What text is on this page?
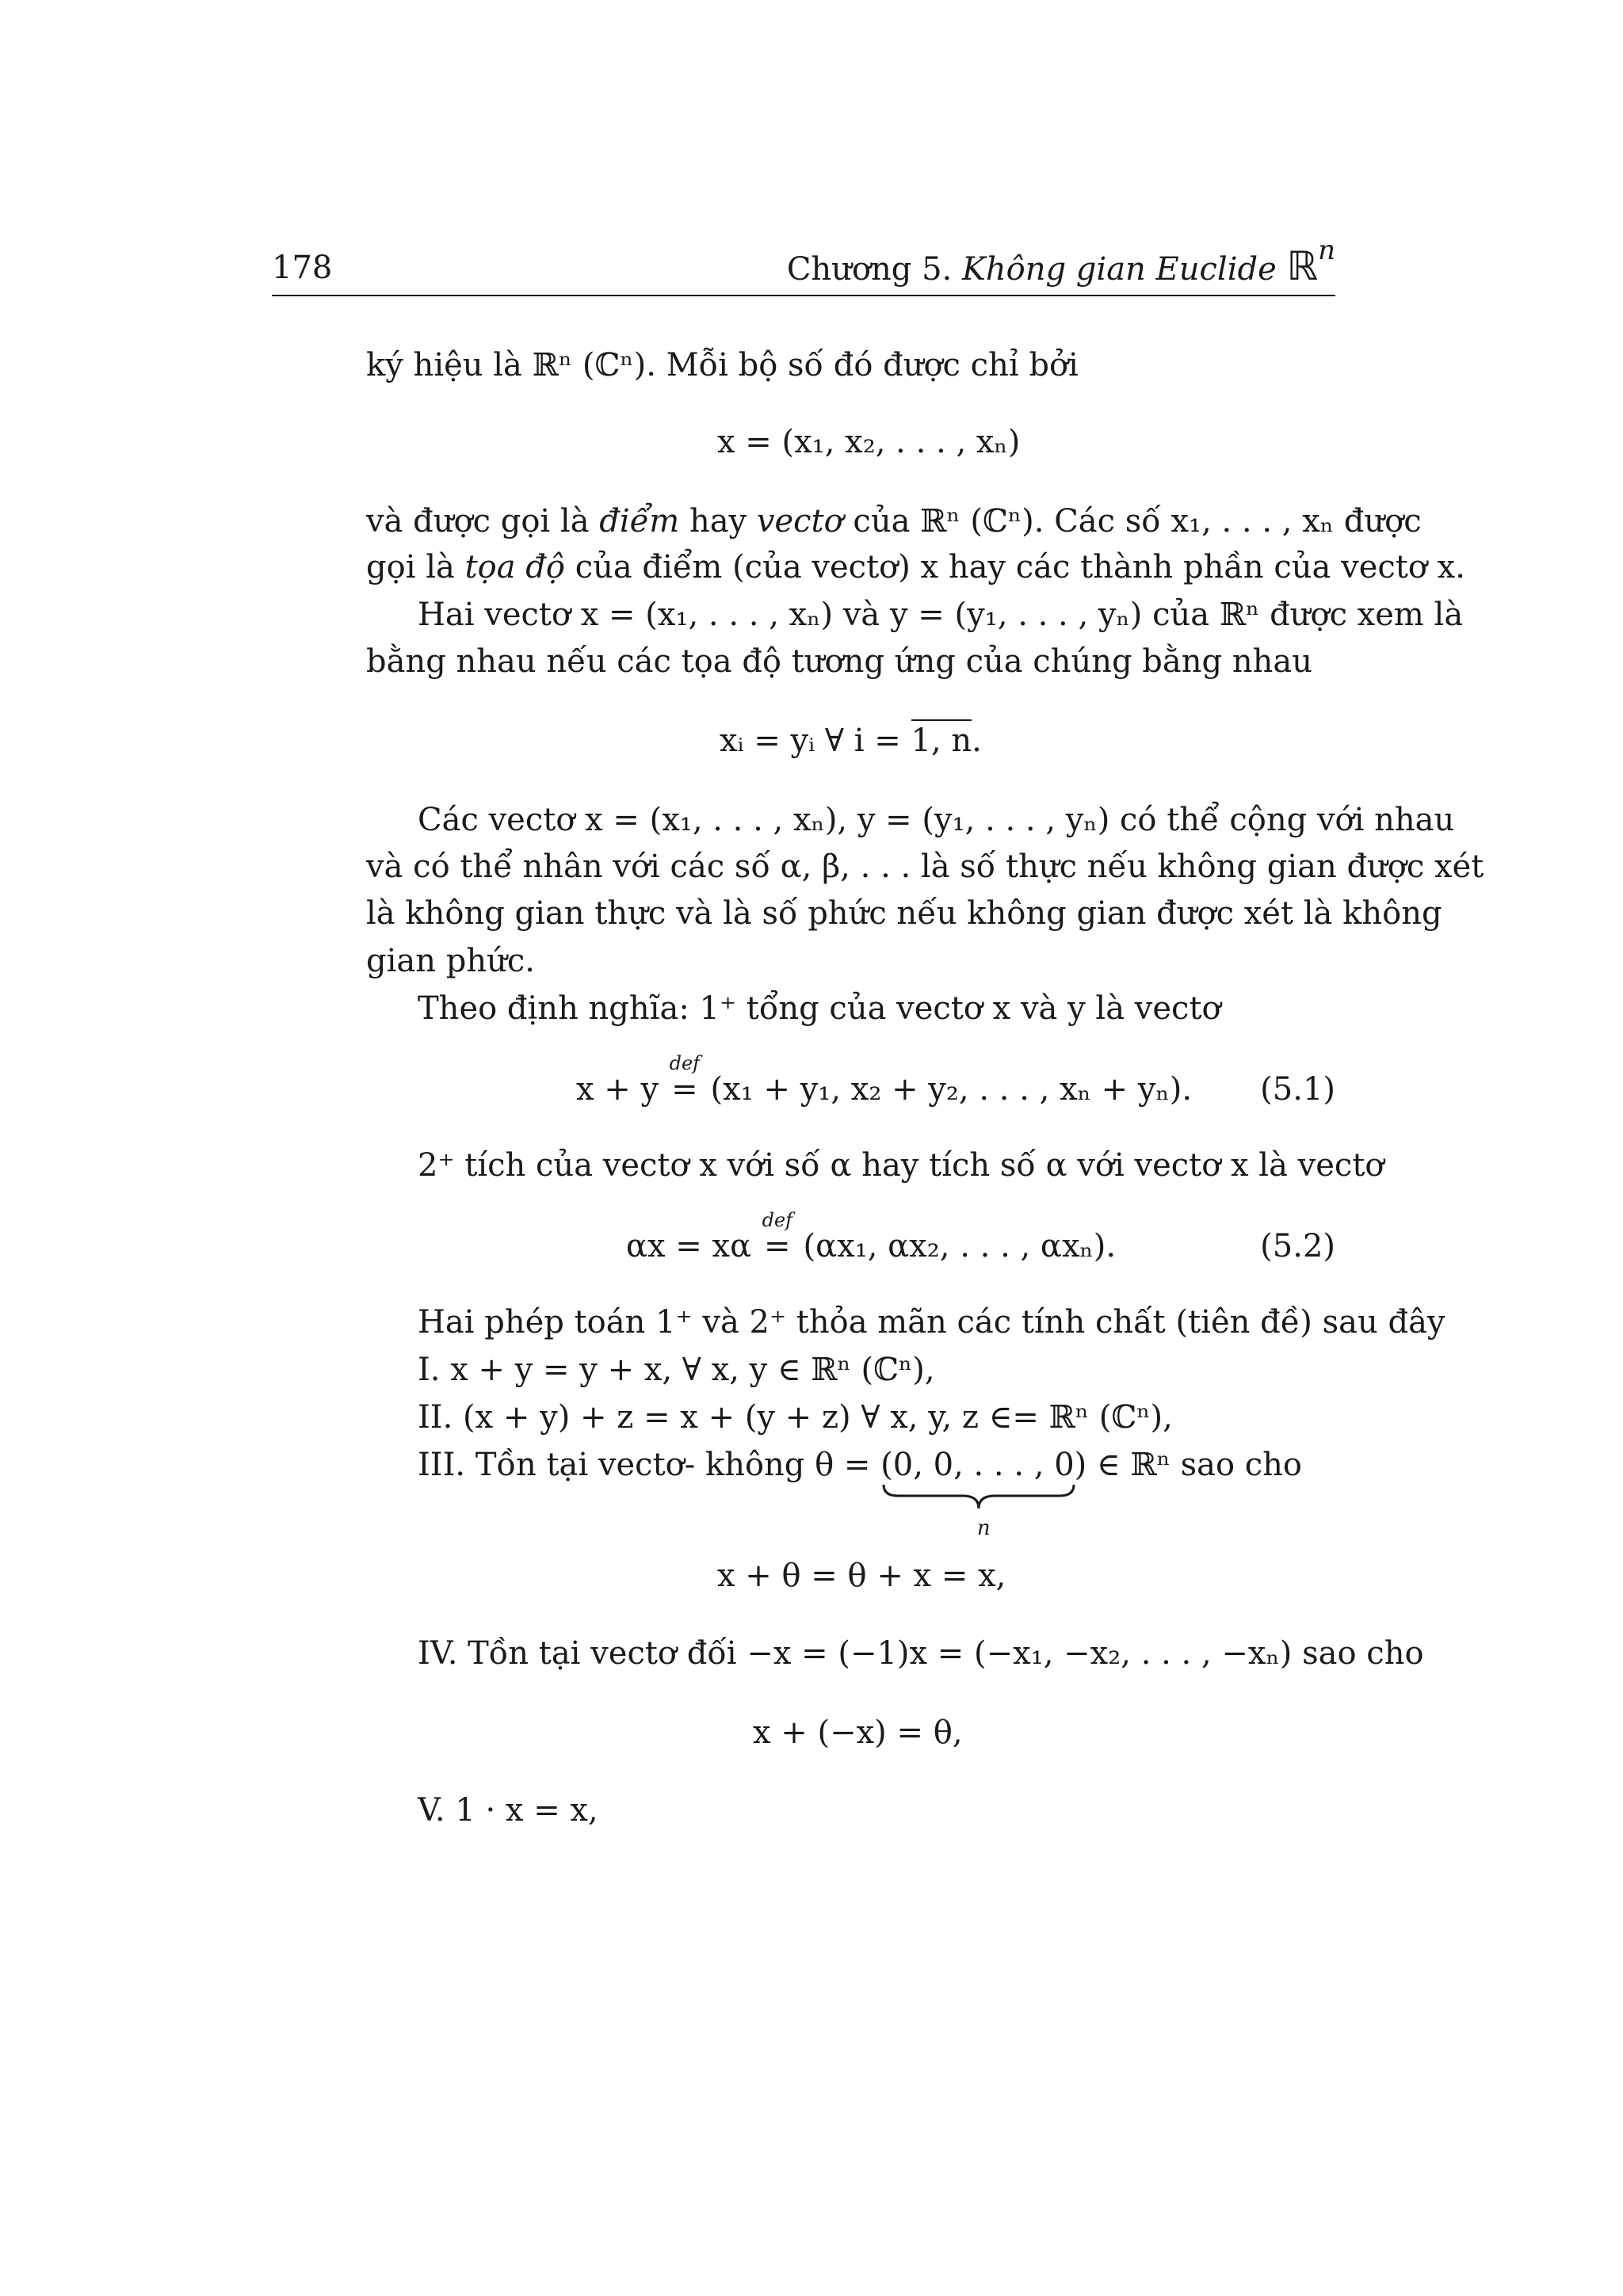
178	Chương 5. Không gian Euclide ℝ$^n$
ký hiệu là ℝⁿ (ℂⁿ). Mỗi bộ số đó được chỉ bởi
x = (x₁, x₂, . . . , xₙ)
và được gọi là điểm hay vectơ của ℝⁿ (ℂⁿ). Các số x₁, . . . , xₙ được
gọi là tọa độ của điểm (của vectơ) x hay các thành phần của vectơ x.
Hai vectơ x = (x₁, . . . , xₙ) và y = (y₁, . . . , yₙ) của ℝⁿ được xem là
bằng nhau nếu các tọa độ tương ứng của chúng bằng nhau
xᵢ = yᵢ ∀ i = 1, n.
Các vectơ x = (x₁, . . . , xₙ), y = (y₁, . . . , yₙ) có thể cộng với nhau
và có thể nhân với các số α, β, . . . là số thực nếu không gian được xét
là không gian thực và là số phức nếu không gian được xét là không
gian phức.
Theo định nghĩa: 1⁺ tổng của vectơ x và y là vectơ
x + y
def
= (x₁ + y₁, x₂ + y₂, . . . , xₙ + yₙ). (5.1)
2⁺ tích của vectơ x với số α hay tích số α với vectơ x là vectơ
αx = xα
def
= (αx₁, αx₂, . . . , αxₙ).	(5.2)
Hai phép toán 1⁺ và 2⁺ thỏa mãn các tính chất (tiên đề) sau đây
I. x + y = y + x, ∀ x, y ∈ ℝⁿ (ℂⁿ),
II. (x + y) + z = x + (y + z) ∀ x, y, z ∈= ℝⁿ (ℂⁿ),
III. Tồn tại vectơ- không θ = (0, 0, . . . , 0)
n
∈ ℝⁿ sao cho
x + θ = θ + x = x,
IV. Tồn tại vectơ đối −x = (−1)x = (−x₁, −x₂, . . . , −xₙ) sao cho
x + (−x) = θ,
V. 1 · x = x,
